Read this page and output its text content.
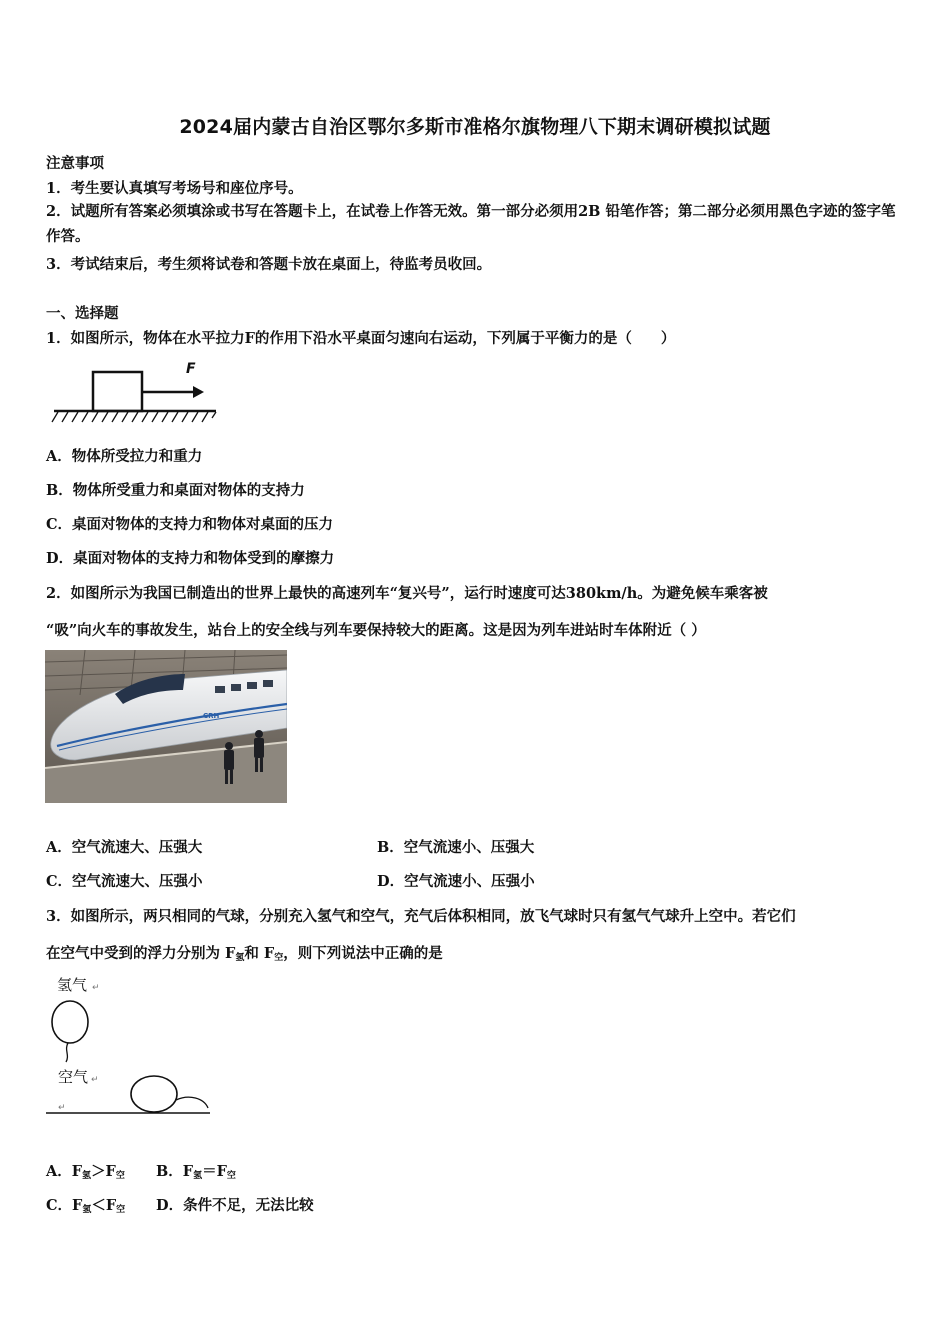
2024届内蒙古自治区鄂尔多斯市准格尔旗物理八下期末调研模拟试题
注意事项
1．考生要认真填写考场号和座位序号。
2．试题所有答案必须填涂或书写在答题卡上，在试卷上作答无效。第一部分必须用2B 铅笔作答；第二部分必须用黑色字迹的签字笔作答。
3．考试结束后，考生须将试卷和答题卡放在桌面上，待监考员收回。
一、选择题
1．如图所示，物体在水平拉力F的作用下沿水平桌面匀速向右运动，下列属于平衡力的是（　　）
F
A．物体所受拉力和重力
B．物体所受重力和桌面对物体的支持力
C．桌面对物体的支持力和物体对桌面的压力
D．桌面对物体的支持力和物体受到的摩擦力
2．如图所示为我国已制造出的世界上最快的高速列车“复兴号”，运行时速度可达380km/h。为避免候车乘客被
“吸”向火车的事故发生，站台上的安全线与列车要保持较大的距离。这是因为列车进站时车体附近（ ）
CRH
A．空气流速大、压强大	B．空气流速小、压强大
C．空气流速大、压强小	D．空气流速小、压强小
3．如图所示，两只相同的气球，分别充入氢气和空气，充气后体积相同，放飞气球时只有氢气气球升上空中。若它们
在空气中受到的浮力分别为 $F_氢$和 $F_空$，则下列说法中正确的是
氢气 ↵
空气 ↵
↵
A．$F_氢>F_空$ B．$F_氢=F_空$
C．$F_氢<F_空$ D．条件不足，无法比较
